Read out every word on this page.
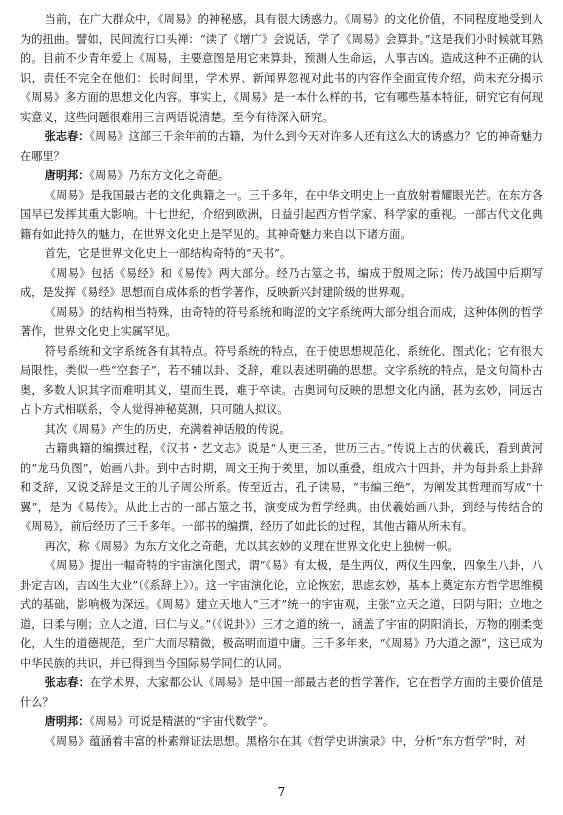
当前，在广大群众中，《周易》的神秘感，具有很大诱惑力。《周易》的文化价值，不同程度地受到人为的扭曲。譬如，民间流行口头禅：“读了《增广》会说话，学了《周易》会算卦。”这是我们小时候就耳熟的。目前不少青年爱上《周易，主要意图是用它来算卦，预测人生命运，人事吉凶。造成这种不正确的认识，责任不完全在他们：长时间里，学术界、新闻界忽视对此书的内容作全面宣传介绍，尚未充分揭示《周易》多方面的思想文化内容。事实上，《周易》是一本什么样的书，它有哪些基本特征，研究它有何现实意义，这些问题很难用三言两语说清楚。至今有待深入研究。

张志春：《周易》这部三千余年前的古籍，为什么到今天对许多人还有这么大的诱惑力？它的神奇魅力在哪里？

唐明邦：《周易》乃东方文化之奇葩。

《周易》是我国最古老的文化典籍之一。三千多年，在中华文明史上一直放射着耀眼光芒。在东方各国早已发挥其重大影响。十七世纪，介绍到欧洲，日益引起西方哲学家、科学家的重视。一部古代文化典籍有如此持久的魅力，在世界文化史上是罕见的。其神奇魅力来自以下诸方面。

首先，它是世界文化史上一部结构奇特的“天书”。

《周易》包括《易经》和《易传》两大部分。经乃古筮之书，编成于殷周之际；传乃战国中后期写成，是发挥《易经》思想而自成体系的哲学著作，反映新兴封建阶级的世界观。

《周易》的结构相当特殊，由奇特的符号系统和晦涩的文字系统两大部分组合而成，这种体例的哲学著作，世界文化史上实属罕见。

符号系统和文字系统各有其特点。符号系统的特点，在于使思想规范化、系统化、图式化；它有很大局限性，类似一些“空套子”，若不辅以卦、爻辞，难以表述明确的思想。文字系统的特点，是文句简朴古奥，多数人识其字而难明其义，望而生畏，难于卒读。古奥词句反映的思想文化内涵，甚为玄妙，同远古占卜方式相联系，令人觉得神秘莫测，只可随人拟议。

其次《周易》产生的历史，充满着神话般的传说。

古籍典籍的编撰过程，《汉书・艺文志》说是“人更三圣，世历三古。”传说上古的伏羲氏，看到黄河的“龙马负图”，始画八卦。到中古时期，周文王拘于羑里，加以重叠，组成六十四卦，并为每卦系上卦辞和爻辞，又说爻辞是文王的儿子周公所系。传至近古，孔子读易，“韦编三绝”，为阐发其哲理而写成“十翼”，是为《易传》。从此上古的一部占筮之书，演变成为哲学经典。由伏羲始画八卦，到经与传结合的《周易》，前后经历了三千多年。一部书的编撰，经历了如此长的过程，其他古籍从所未有。

再次，称《周易》为东方文化之奇葩，尤以其玄妙的义理在世界文化史上独树一帜。

《周易》提出一幅奇特的宇宙演化图式，谓“《易》有太极，是生两仪，两仪生四象，四象生八卦，八卦定吉凶，吉凶生大业”（《系辞上》）。这一宇宙演化论，立论恢宏，思虑玄妙，基本上奠定东方哲学思维模式的基础，影响极为深远。《周易》建立天地人“三才”统一的宇宙观，主张“立天之道，曰阴与阳；立地之道，曰柔与刚；立人之道，曰仁与义。”（《说卦》）三才之道的统一，涵盖了宇宙的阴阳消长，万物的刚柔变化，人生的道德规范，至广大而尽精微，极高明而道中庸。三千多年来，“《周易》乃大道之源”，这已成为中华民族的共识，并已得到当今国际易学同仁的认同。

张志春：在学术界，大家都公认《周易》是中国一部最古老的哲学著作，它在哲学方面的主要价值是什么？

唐明邦：《周易》可说是精湛的“宇宙代数学”。

《周易》蕴涵着丰富的朴素辩证法思想。黑格尔在其《哲学史讲演录》中，分析“东方哲学”时，对

7
